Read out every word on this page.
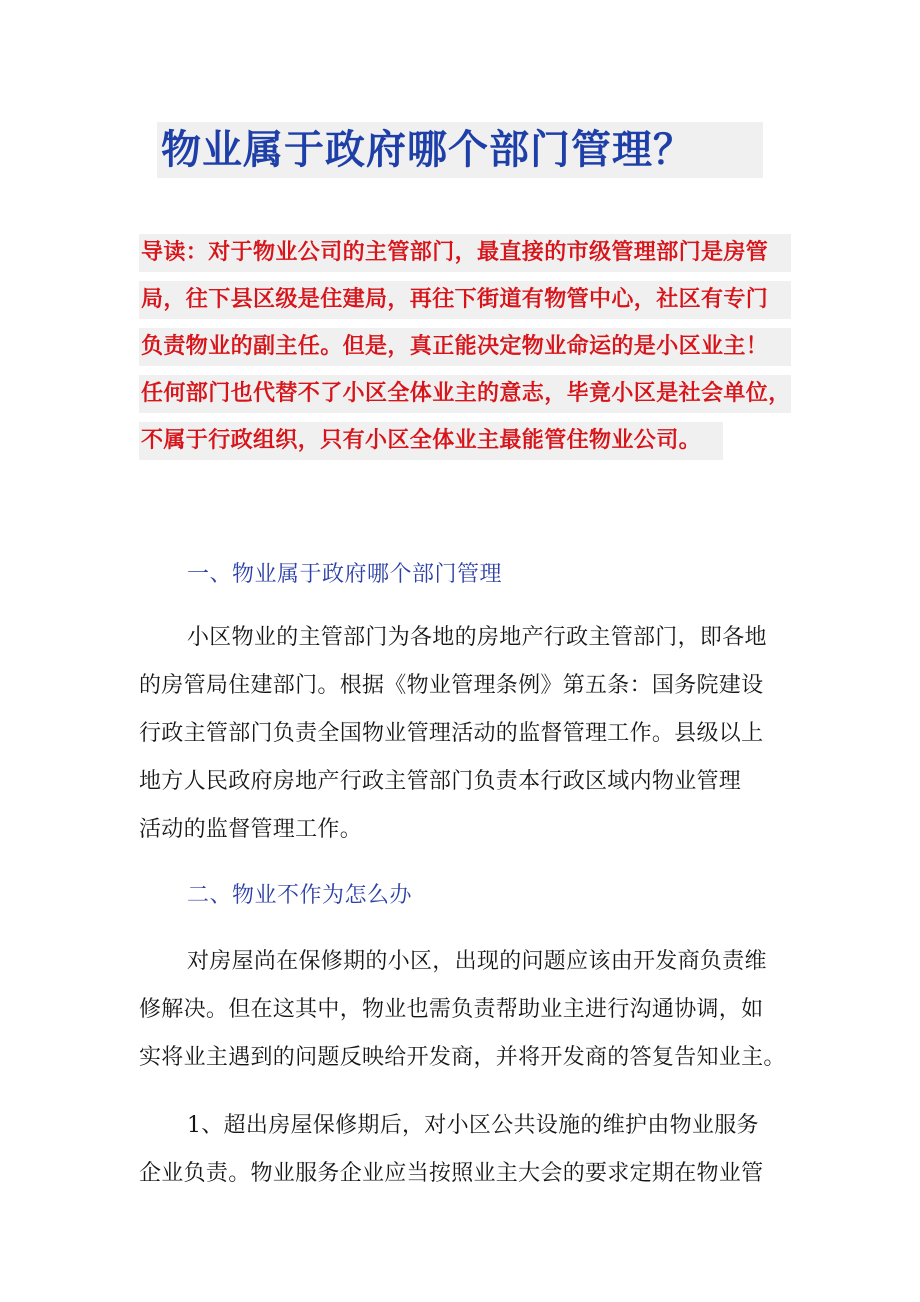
物业属于政府哪个部门管理？
导读：对于物业公司的主管部门，最直接的市级管理部门是房管
局，往下县区级是住建局，再往下街道有物管中心，社区有专门
负责物业的副主任。但是，真正能决定物业命运的是小区业主！
任何部门也代替不了小区全体业主的意志，毕竟小区是社会单位，
不属于行政组织，只有小区全体业主最能管住物业公司。
一、物业属于政府哪个部门管理
小区物业的主管部门为各地的房地产行政主管部门，即各地
的房管局住建部门。根据《物业管理条例》第五条：国务院建设
行政主管部门负责全国物业管理活动的监督管理工作。县级以上
地方人民政府房地产行政主管部门负责本行政区域内物业管理
活动的监督管理工作。
二、物业不作为怎么办
对房屋尚在保修期的小区，出现的问题应该由开发商负责维
修解决。但在这其中，物业也需负责帮助业主进行沟通协调，如
实将业主遇到的问题反映给开发商，并将开发商的答复告知业主。
1、超出房屋保修期后，对小区公共设施的维护由物业服务
企业负责。物业服务企业应当按照业主大会的要求定期在物业管
